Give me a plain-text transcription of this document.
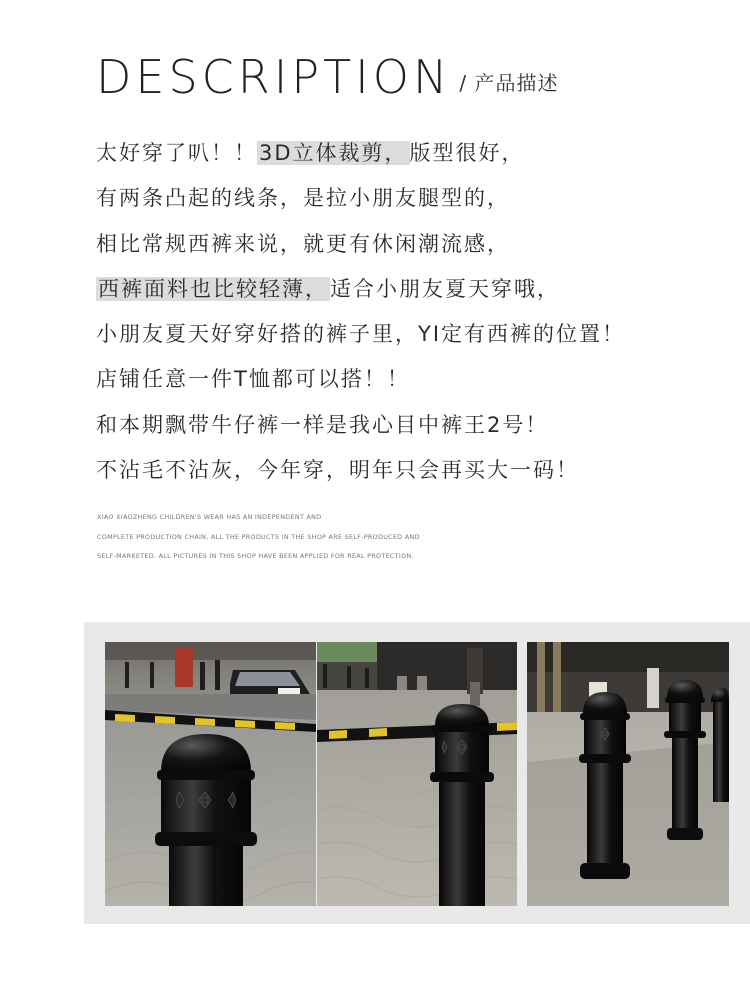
DESCRIPTION / 产品描述
太好穿了叭！！3D立体裁剪，版型很好，
有两条凸起的线条，是拉小朋友腿型的，
相比常规西裤来说，就更有休闲潮流感，
西裤面料也比较轻薄，适合小朋友夏天穿哦，
小朋友夏天好穿好搭的裤子里，YI定有西裤的位置！
店铺任意一件T恤都可以搭！！
和本期飘带牛仔裤一样是我心目中裤王2号！
不沾毛不沾灰，今年穿，明年只会再买大一码！
XIAO XIAOZHENG CHILDREN'S WEAR HAS AN INDEPENDENT AND
COMPLETE PRODUCTION CHAIN, ALL THE PRODUCTS IN THE SHOP ARE SELF-PRODUCED AND
SELF-MARKETED. ALL PICTURES IN THIS SHOP HAVE BEEN APPLIED FOR REAL PROTECTION.
